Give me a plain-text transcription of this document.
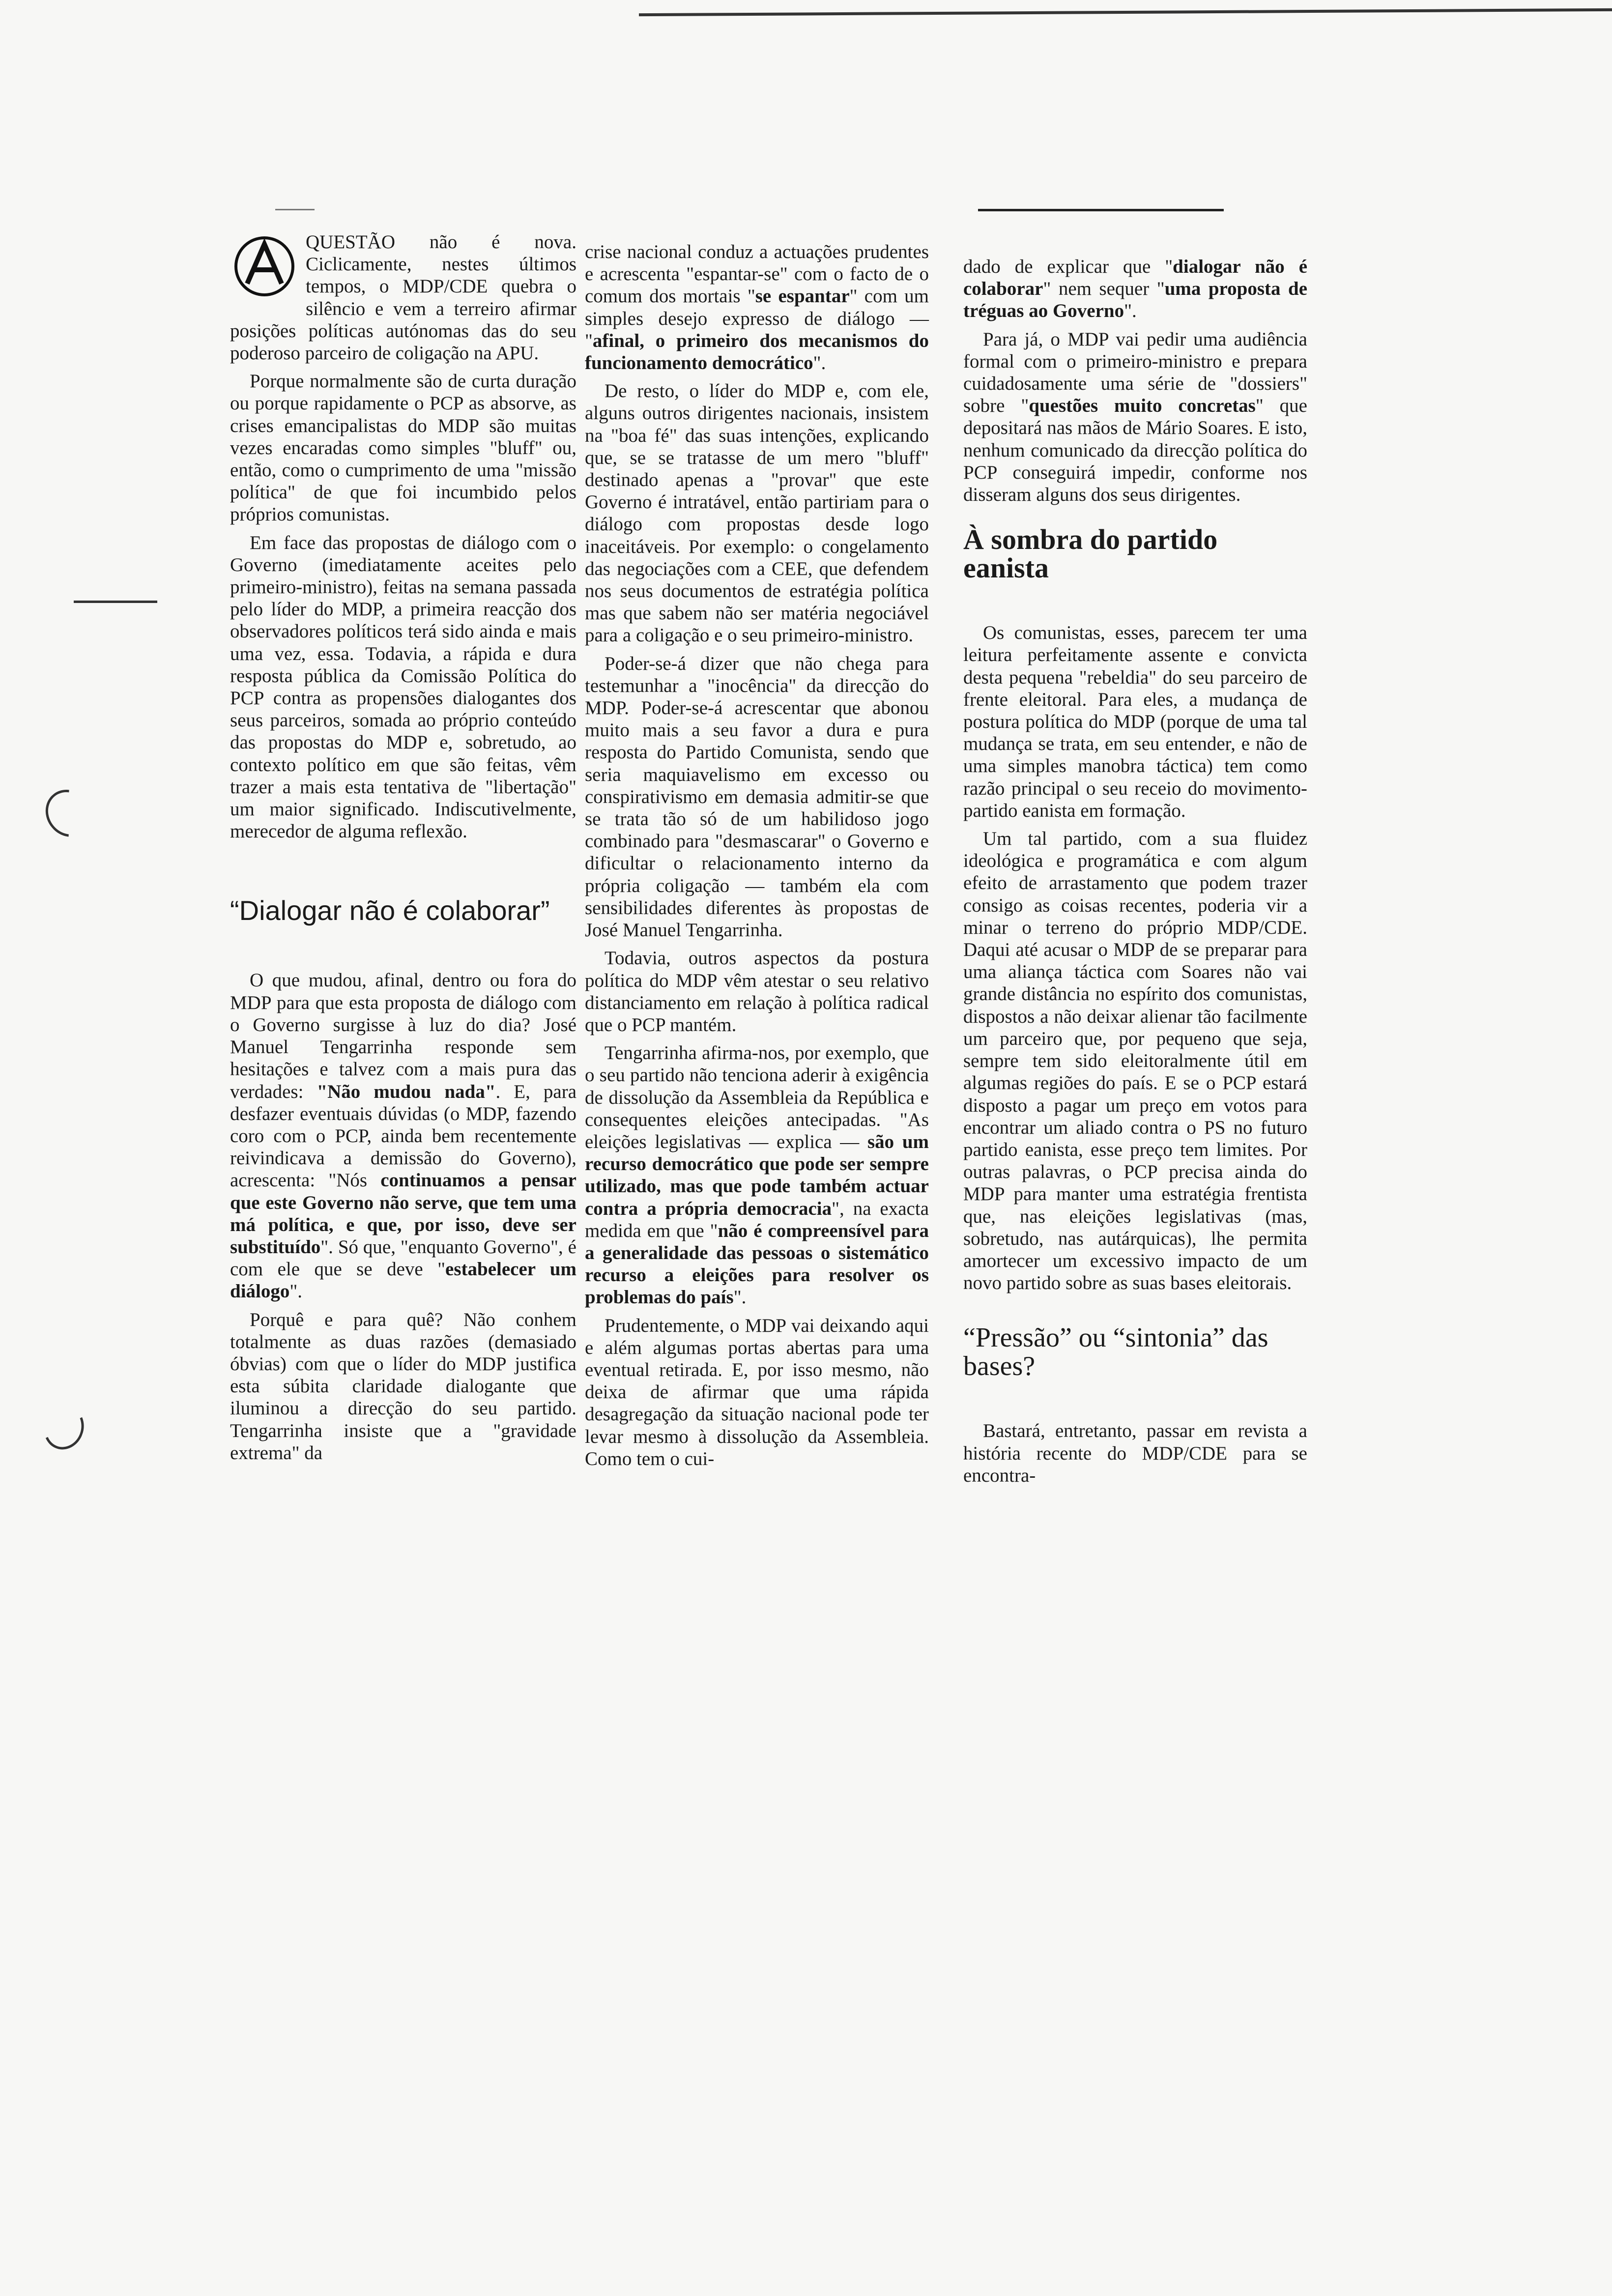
QUESTÃO não é nova. Ciclicamente, nestes últimos tempos, o MDP/CDE quebra o silêncio e vem a terreiro afirmar posições políticas autónomas das do seu poderoso parceiro de coligação na APU.

Porque normalmente são de curta duração ou porque rapidamente o PCP as absorve, as crises emancipalistas do MDP são muitas vezes encaradas como simples "bluff" ou, então, como o cumprimento de uma "missão política" de que foi incumbido pelos próprios comunistas.

Em face das propostas de diálogo com o Governo (imediatamente aceites pelo primeiro-ministro), feitas na semana passada pelo líder do MDP, a primeira reacção dos observadores políticos terá sido ainda e mais uma vez, essa. Todavia, a rápida e dura resposta pública da Comissão Política do PCP contra as propensões dialogantes dos seus parceiros, somada ao próprio conteúdo das propostas do MDP e, sobretudo, ao contexto político em que são feitas, vêm trazer a mais esta tentativa de "libertação" um maior significado. Indiscutivelmente, merecedor de alguma reflexão.

“Dialogar não é colaborar”

O que mudou, afinal, dentro ou fora do MDP para que esta proposta de diálogo com o Governo surgisse à luz do dia? José Manuel Tengarrinha responde sem hesitações e talvez com a mais pura das verdades: "Não mudou nada". E, para desfazer eventuais dúvidas (o MDP, fazendo coro com o PCP, ainda bem recentemente reivindicava a demissão do Governo), acrescenta: "Nós continuamos a pensar que este Governo não serve, que tem uma má política, e que, por isso, deve ser substituído". Só que, "enquanto Governo", é com ele que se deve "estabelecer um diálogo".

Porquê e para quê? Não conhem totalmente as duas razões (demasiado óbvias) com que o líder do MDP justifica esta súbita claridade dialogante que iluminou a direcção do seu partido. Tengarrinha insiste que a "gravidade extrema" da

crise nacional conduz a actuações prudentes e acrescenta "espantar-se" com o facto de o comum dos mortais "se espantar" com um simples desejo expresso de diálogo — "afinal, o primeiro dos mecanismos do funcionamento democrático".

De resto, o líder do MDP e, com ele, alguns outros dirigentes nacionais, insistem na "boa fé" das suas intenções, explicando que, se se tratasse de um mero "bluff" destinado apenas a "provar" que este Governo é intratável, então partiriam para o diálogo com propostas desde logo inaceitáveis. Por exemplo: o congelamento das negociações com a CEE, que defendem nos seus documentos de estratégia política mas que sabem não ser matéria negociável para a coligação e o seu primeiro-ministro.

Poder-se-á dizer que não chega para testemunhar a "inocência" da direcção do MDP. Poder-se-á acrescentar que abonou muito mais a seu favor a dura e pura resposta do Partido Comunista, sendo que seria maquiavelismo em excesso ou conspirativismo em demasia admitir-se que se trata tão só de um habilidoso jogo combinado para "desmascarar" o Governo e dificultar o relacionamento interno da própria coligação — também ela com sensibilidades diferentes às propostas de José Manuel Tengarrinha.

Todavia, outros aspectos da postura política do MDP vêm atestar o seu relativo distanciamento em relação à política radical que o PCP mantém.

Tengarrinha afirma-nos, por exemplo, que o seu partido não tenciona aderir à exigência de dissolução da Assembleia da República e consequentes eleições antecipadas. "As eleições legislativas — explica — são um recurso democrático que pode ser sempre utilizado, mas que pode também actuar contra a própria democracia", na exacta medida em que "não é compreensível para a generalidade das pessoas o sistemático recurso a eleições para resolver os problemas do país".

Prudentemente, o MDP vai deixando aqui e além algumas portas abertas para uma eventual retirada. E, por isso mesmo, não deixa de afirmar que uma rápida desagregação da situação nacional pode ter levar mesmo à dissolução da Assembleia. Como tem o cui-

dado de explicar que "dialogar não é colaborar" nem sequer "uma proposta de tréguas ao Governo".

Para já, o MDP vai pedir uma audiência formal com o primeiro-ministro e prepara cuidadosamente uma série de "dossiers" sobre "questões muito concretas" que depositará nas mãos de Mário Soares. E isto, nenhum comunicado da direcção política do PCP conseguirá impedir, conforme nos disseram alguns dos seus dirigentes.

À sombra do partido eanista

Os comunistas, esses, parecem ter uma leitura perfeitamente assente e convicta desta pequena "rebeldia" do seu parceiro de frente eleitoral. Para eles, a mudança de postura política do MDP (porque de uma tal mudança se trata, em seu entender, e não de uma simples manobra táctica) tem como razão principal o seu receio do movimento-partido eanista em formação.

Um tal partido, com a sua fluidez ideológica e programática e com algum efeito de arrastamento que podem trazer consigo as coisas recentes, poderia vir a minar o terreno do próprio MDP/CDE. Daqui até acusar o MDP de se preparar para uma aliança táctica com Soares não vai grande distância no espírito dos comunistas, dispostos a não deixar alienar tão facilmente um parceiro que, por pequeno que seja, sempre tem sido eleitoralmente útil em algumas regiões do país. E se o PCP estará disposto a pagar um preço em votos para encontrar um aliado contra o PS no futuro partido eanista, esse preço tem limites. Por outras palavras, o PCP precisa ainda do MDP para manter uma estratégia frentista que, nas eleições legislativas (mas, sobretudo, nas autárquicas), lhe permita amortecer um excessivo impacto de um novo partido sobre as suas bases eleitorais.

“Pressão” ou “sintonia” das bases?

Bastará, entretanto, passar em revista a história recente do MDP/CDE para se encontra-
